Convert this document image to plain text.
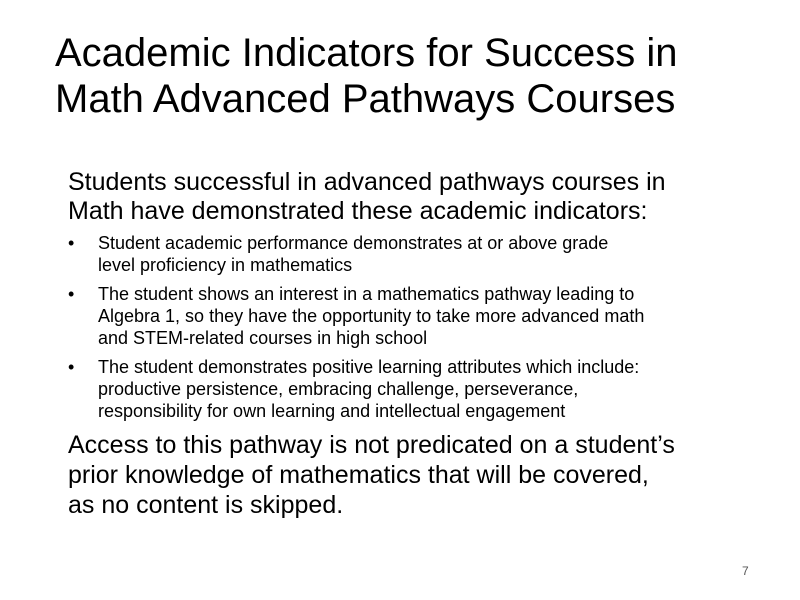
Academic Indicators for Success in
Math Advanced Pathways Courses

Students successful in advanced pathways courses in
Math have demonstrated these academic indicators:

•	Student academic performance demonstrates at or above grade
level proficiency in mathematics
•	The student shows an interest in a mathematics pathway leading to
Algebra 1, so they have the opportunity to take more advanced math
and STEM-related courses in high school
•	The student demonstrates positive learning attributes which include:
productive persistence, embracing challenge, perseverance,
responsibility for own learning and intellectual engagement

Access to this pathway is not predicated on a student’s
prior knowledge of mathematics that will be covered,
as no content is skipped.

7
